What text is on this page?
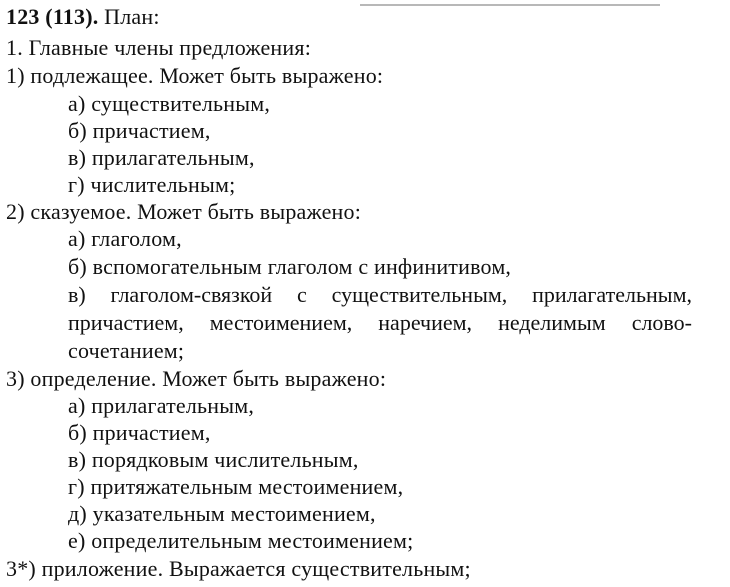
123 (113). План:
1. Главные члены предложения:
1) подлежащее. Может быть выражено:
а) существительным,
б) причастием,
в) прилагательным,
г) числительным;
2) сказуемое. Может быть выражено:
а) глаголом,
б) вспомогательным глаголом с инфинитивом,
в) глаголом-связкой с существительным, прилагательным,
причастием, местоимением, наречием, неделимым слово-
сочетанием;
3) определение. Может быть выражено:
а) прилагательным,
б) причастием,
в) порядковым числительным,
г) притяжательным местоимением,
д) указательным местоимением,
е) определительным местоимением;
3*) приложение. Выражается существительным;
